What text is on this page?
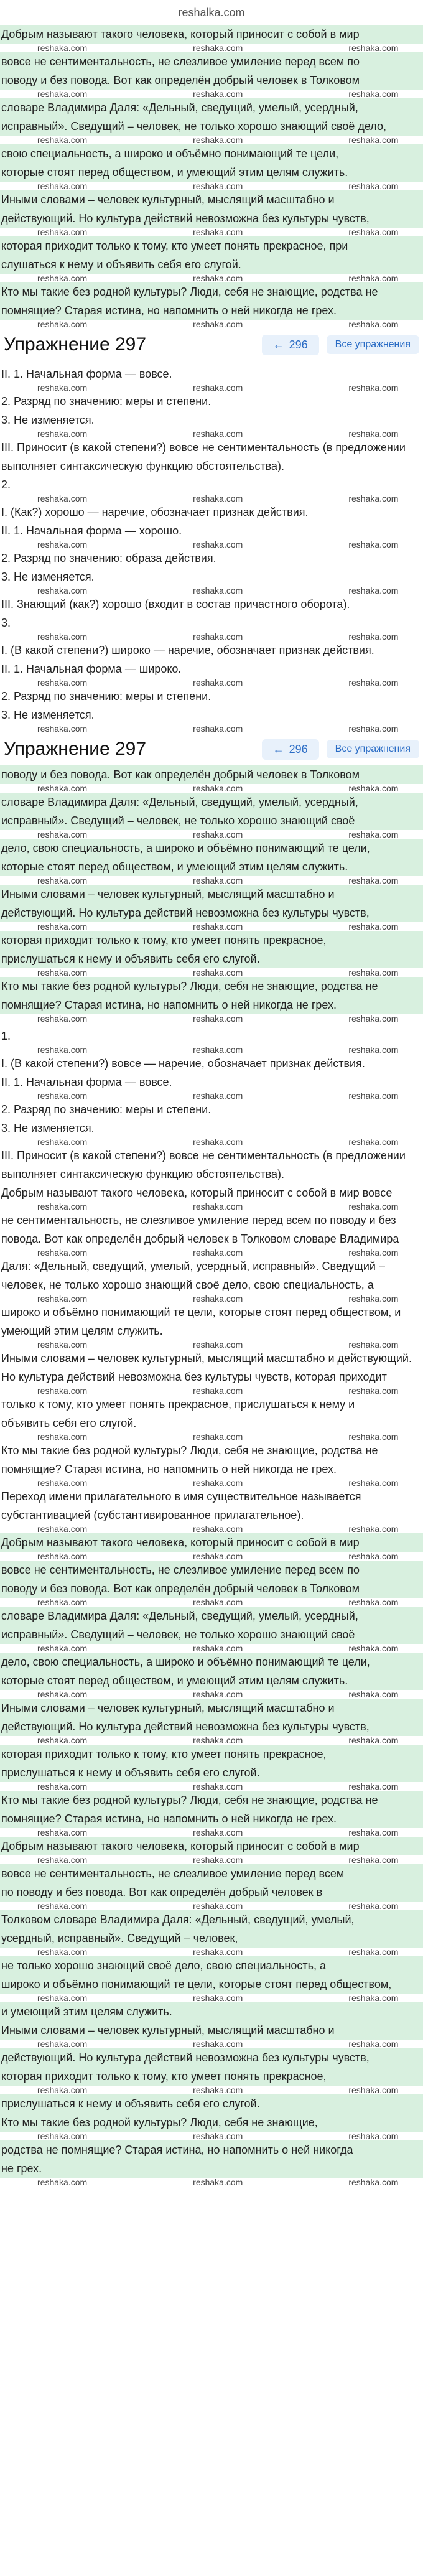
reshalka.com
Добрым называют такого человека, который приносит с собой в мир
reshaka.com	reshaka.com	reshaka.com
вовсе не сентиментальность, не слезливое умиление перед всем по
поводу и без повода. Вот как определён добрый человек в Толковом
reshaka.com	reshaka.com	reshaka.com
словаре Владимира Даля: «Дельный, сведущий, умелый, усердный,
исправный». Сведущий – человек, не только хорошо знающий своё дело,
reshaka.com	reshaka.com	reshaka.com
свою специальность, а широко и объёмно понимающий те цели,
которые стоят перед обществом, и умеющий этим целям служить.
reshaka.com	reshaka.com	reshaka.com
Иными словами – человек культурный, мыслящий масштабно и
действующий. Но культура действий невозможна без культуры чувств,
reshaka.com	reshaka.com	reshaka.com
которая приходит только к тому, кто умеет понять прекрасное, при
слушаться к нему и объявить себя его слугой.
reshaka.com	reshaka.com	reshaka.com
Кто мы такие без родной культуры? Люди, себя не знающие, родства не
помнящие? Старая истина, но напомнить о ней никогда не грех.
reshaka.com	reshaka.com	reshaka.com
Упражнение 297	← 296	Все упражнения
II. 1. Начальная форма — вовсе.
reshaka.com	reshaka.com	reshaka.com
2. Разряд по значению: меры и степени.
3. Не изменяется.
reshaka.com	reshaka.com	reshaka.com
III. Приносит (в какой степени?) вовсе не сентиментальность (в предложении выполняет синтаксическую функцию обстоятельства).
2.
reshaka.com	reshaka.com	reshaka.com
I. (Как?) хорошо — наречие, обозначает признак действия.
II. 1. Начальная форма — хорошо.
reshaka.com	reshaka.com	reshaka.com
2. Разряд по значению: образа действия.
3. Не изменяется.
reshaka.com	reshaka.com	reshaka.com
III. Знающий (как?) хорошо (входит в состав причастного оборота).
3.
reshaka.com	reshaka.com	reshaka.com
I. (В какой степени?) широко — наречие, обозначает признак действия.
II. 1. Начальная форма — широко.
reshaka.com	reshaka.com	reshaka.com
2. Разряд по значению: меры и степени.
3. Не изменяется.
reshaka.com	reshaka.com	reshaka.com
Упражнение 297	← 296	Все упражнения
поводу и без повода. Вот как определён добрый человек в Толковом
reshaka.com	reshaka.com	reshaka.com
словаре Владимира Даля: «Дельный, сведущий, умелый, усердный,
исправный». Сведущий – человек, не только хорошо знающий своё
reshaka.com	reshaka.com	reshaka.com
дело, свою специальность, а широко и объёмно понимающий те цели,
которые стоят перед обществом, и умеющий этим целям служить.
reshaka.com	reshaka.com	reshaka.com
Иными словами – человек культурный, мыслящий масштабно и
действующий. Но культура действий невозможна без культуры чувств,
reshaka.com	reshaka.com	reshaka.com
которая приходит только к тому, кто умеет понять прекрасное,
прислушаться к нему и объявить себя его слугой.
reshaka.com	reshaka.com	reshaka.com
Кто мы такие без родной культуры? Люди, себя не знающие, родства не
помнящие? Старая истина, но напомнить о ней никогда не грех.
reshaka.com	reshaka.com	reshaka.com
1.
reshaka.com	reshaka.com	reshaka.com
I. (В какой степени?) вовсе — наречие, обозначает признак действия.
II. 1. Начальная форма — вовсе.
reshaka.com	reshaka.com	reshaka.com
2. Разряд по значению: меры и степени.
3. Не изменяется.
reshaka.com	reshaka.com	reshaka.com
III. Приносит (в какой степени?) вовсе не сентиментальность (в предложении выполняет синтаксическую функцию обстоятельства).
Добрым называют такого человека, который приносит с собой в мир вовсе
reshaka.com	reshaka.com	reshaka.com
не сентиментальность, не слезливое умиление перед всем по поводу и без
повода. Вот как определён добрый человек в Толковом словаре Владимира
reshaka.com	reshaka.com	reshaka.com
Даля: «Дельный, сведущий, умелый, усердный, исправный». Сведущий –
человек, не только хорошо знающий своё дело, свою специальность, а
reshaka.com	reshaka.com	reshaka.com
широко и объёмно понимающий те цели, которые стоят перед обществом, и
умеющий этим целям служить.
reshaka.com	reshaka.com	reshaka.com
Иными словами – человек культурный, мыслящий масштабно и действующий.
Но культура действий невозможна без культуры чувств, которая приходит
reshaka.com	reshaka.com	reshaka.com
только к тому, кто умеет понять прекрасное, прислушаться к нему и
объявить себя его слугой.
reshaka.com	reshaka.com	reshaka.com
Кто мы такие без родной культуры? Люди, себя не знающие, родства не
помнящие? Старая истина, но напомнить о ней никогда не грех.
reshaka.com	reshaka.com	reshaka.com
Переход имени прилагательного в имя существительное называется
субстантивацией (субстантивированное прилагательное).
reshaka.com	reshaka.com	reshaka.com
Добрым называют такого человека, который приносит с собой в мир
reshaka.com	reshaka.com	reshaka.com
вовсе не сентиментальность, не слезливое умиление перед всем по
поводу и без повода. Вот как определён добрый человек в Толковом
reshaka.com	reshaka.com	reshaka.com
словаре Владимира Даля: «Дельный, сведущий, умелый, усердный,
исправный». Сведущий – человек, не только хорошо знающий своё
reshaka.com	reshaka.com	reshaka.com
дело, свою специальность, а широко и объёмно понимающий те цели,
которые стоят перед обществом, и умеющий этим целям служить.
reshaka.com	reshaka.com	reshaka.com
Иными словами – человек культурный, мыслящий масштабно и
действующий. Но культура действий невозможна без культуры чувств,
reshaka.com	reshaka.com	reshaka.com
которая приходит только к тому, кто умеет понять прекрасное,
прислушаться к нему и объявить себя его слугой.
reshaka.com	reshaka.com	reshaka.com
Кто мы такие без родной культуры? Люди, себя не знающие, родства не
помнящие? Старая истина, но напомнить о ней никогда не грех.
reshaka.com	reshaka.com	reshaka.com
Добрым называют такого человека, который приносит с собой в мир
reshaka.com	reshaka.com	reshaka.com
вовсе не сентиментальность, не слезливое умиление перед всем
по поводу и без повода. Вот как определён добрый человек в
reshaka.com	reshaka.com	reshaka.com
Толковом словаре Владимира Даля: «Дельный, сведущий, умелый,
усердный, исправный». Сведущий – человек,
reshaka.com	reshaka.com	reshaka.com
не только хорошо знающий своё дело, свою специальность, а
широко и объёмно понимающий те цели, которые стоят перед обществом,
reshaka.com	reshaka.com	reshaka.com
и умеющий этим целям служить.
Иными словами – человек культурный, мыслящий масштабно и
reshaka.com	reshaka.com	reshaka.com
действующий. Но культура действий невозможна без культуры чувств,
которая приходит только к тому, кто умеет понять прекрасное,
reshaka.com	reshaka.com	reshaka.com
прислушаться к нему и объявить себя его слугой.
Кто мы такие без родной культуры? Люди, себя не знающие,
reshaka.com	reshaka.com	reshaka.com
родства не помнящие? Старая истина, но напомнить о ней никогда
не грех.
reshaka.com	reshaka.com	reshaka.com
